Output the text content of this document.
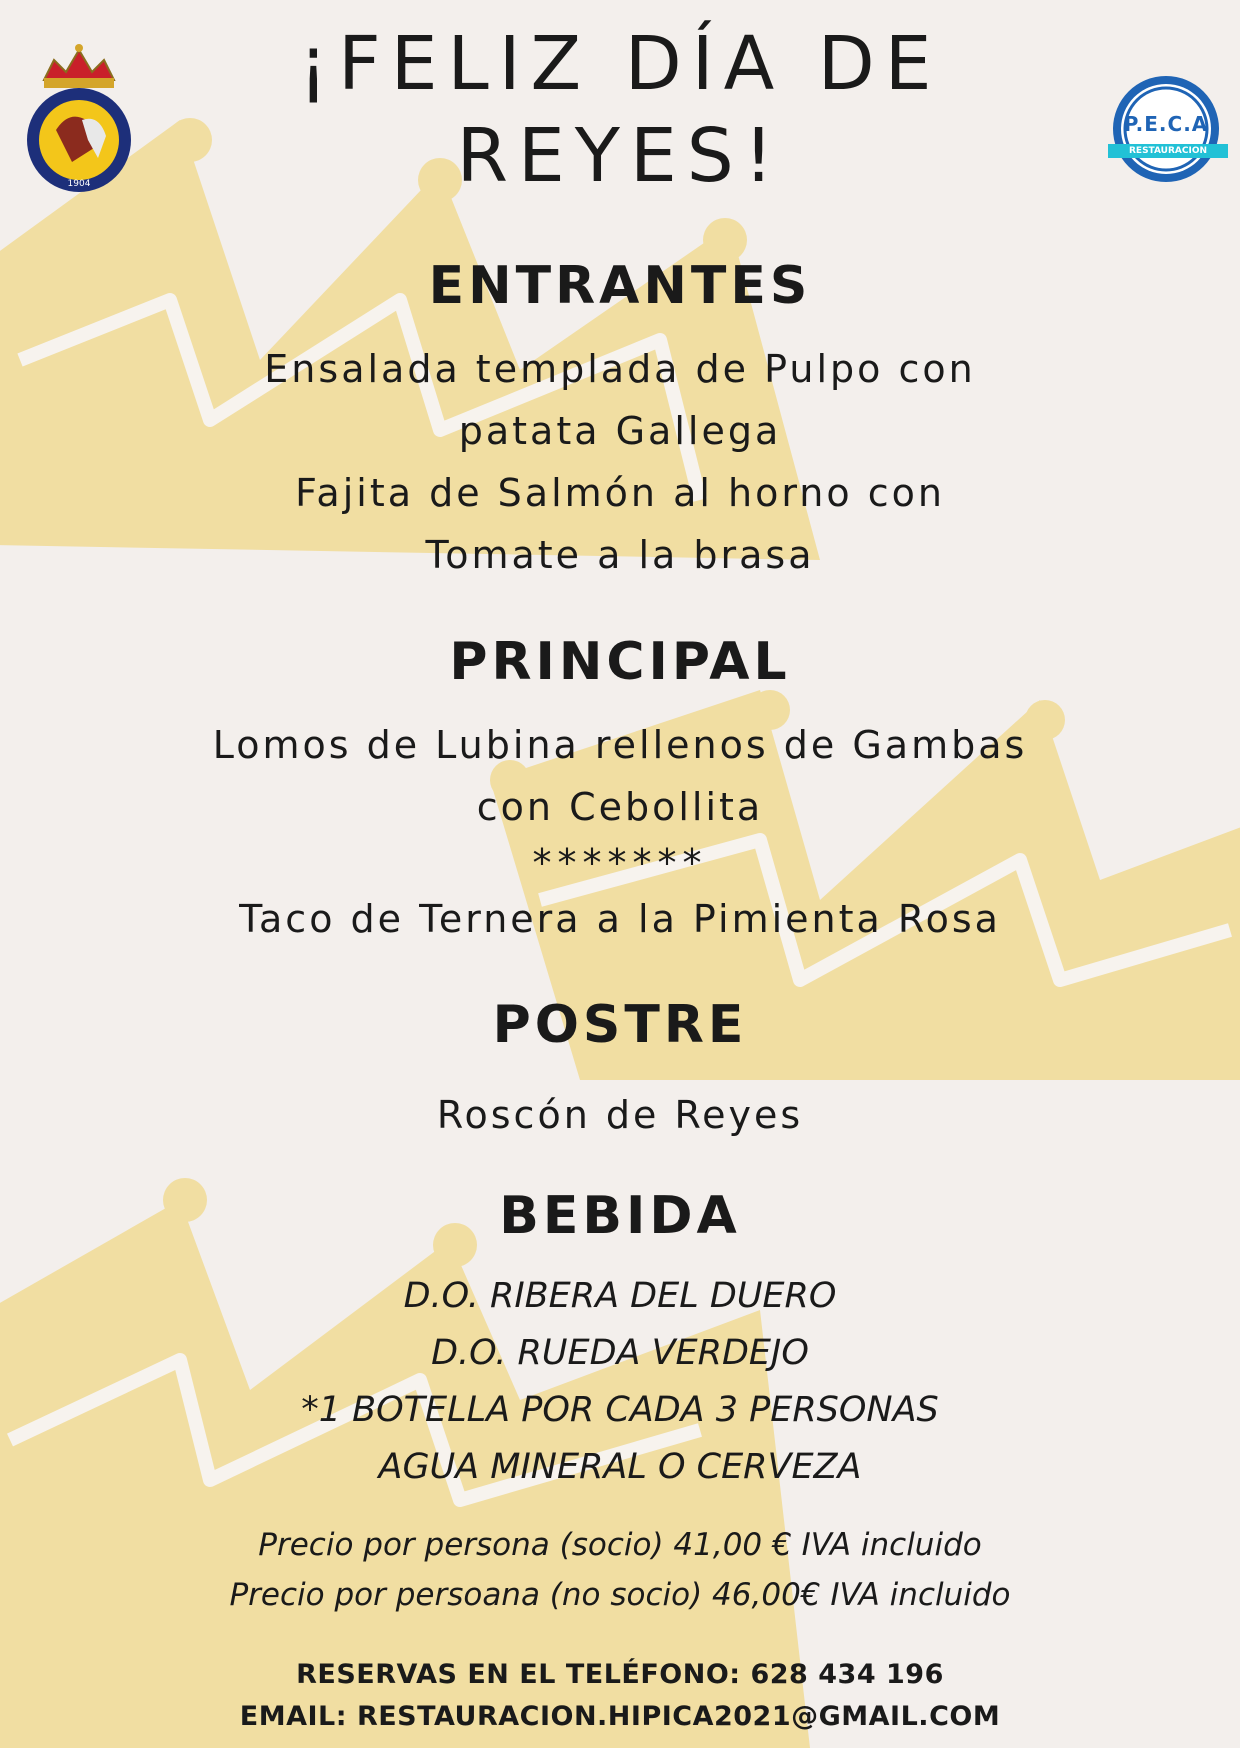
1904
P.E.C.A
RESTAURACION
¡FELIZ DÍA DE
REYES!
ENTRANTES
Ensalada templada de Pulpo con
patata Gallega
Fajita de Salmón al horno con
Tomate a la brasa
PRINCIPAL
Lomos de Lubina rellenos de Gambas
con Cebollita
*******
Taco de Ternera a la Pimienta Rosa
POSTRE
Roscón de Reyes
BEBIDA
D.O. RIBERA DEL DUERO
D.O. RUEDA VERDEJO
*1 BOTELLA POR CADA 3 PERSONAS
AGUA MINERAL O CERVEZA
Precio por persona (socio) 41,00 € IVA incluido
Precio por persoana (no socio) 46,00€ IVA incluido
RESERVAS EN EL TELÉFONO: 628 434 196
EMAIL: RESTAURACION.HIPICA2021@GMAIL.COM
